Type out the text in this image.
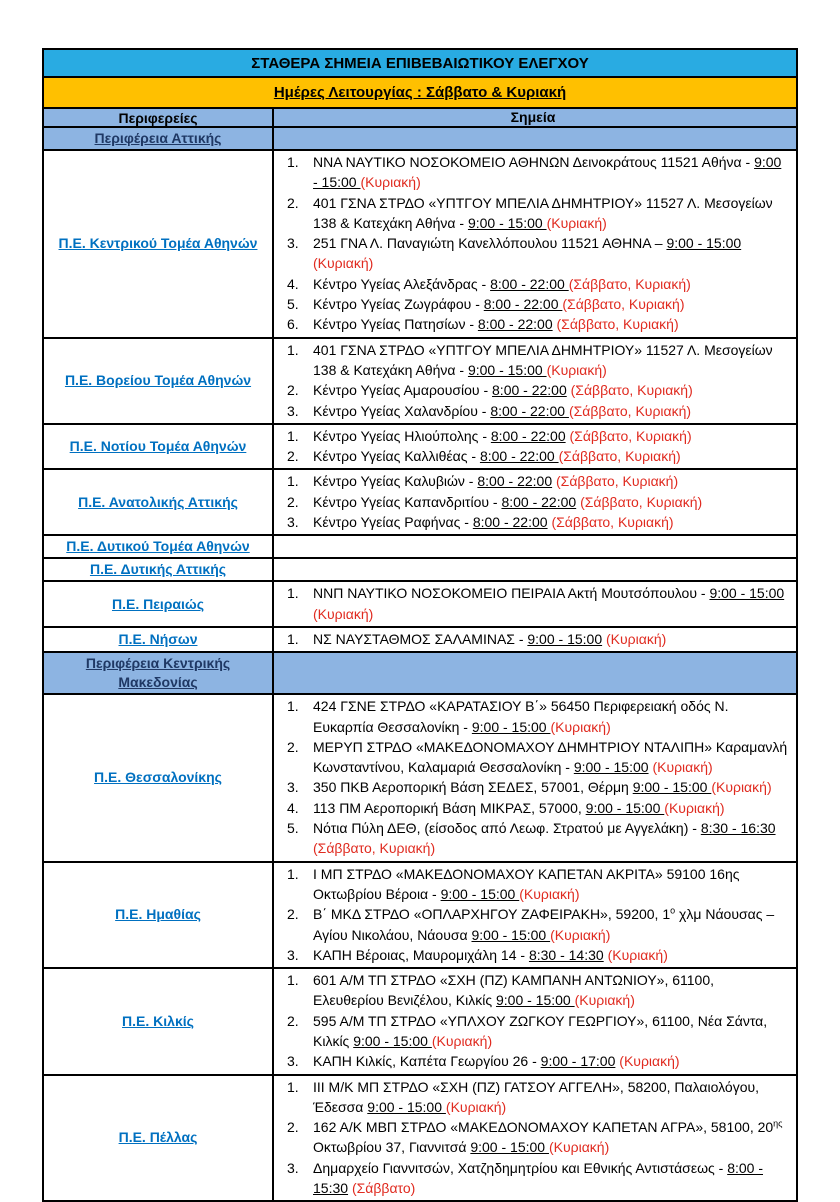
ΣΤΑΘΕΡΑ ΣΗΜΕΙΑ ΕΠΙΒΕΒΑΙΩΤΙΚΟΥ ΕΛΕΓΧΟΥ
Ημέρες Λειτουργίας : Σάββατο & Κυριακή
Περιφερείες	Σημεία
Περιφέρεια Αττικής
Π.Ε. Κεντρικού Τομέα Αθηνών
1.	ΝΝΑ ΝΑΥΤΙΚΟ ΝΟΣΟΚΟΜΕΙΟ ΑΘΗΝΩΝ Δεινοκράτους 11521 Αθήνα - 9:00 - 15:00 (Κυριακή)
2.	401 ΓΣΝΑ ΣΤΡΔΟ «ΥΠΤΓΟΥ ΜΠΕΛΙΑ ΔΗΜΗΤΡΙΟΥ» 11527 Λ. Μεσογείων 138 & Κατεχάκη Αθήνα - 9:00 - 15:00 (Κυριακή)
3.	251 ΓΝΑ Λ. Παναγιώτη Κανελλόπουλου 11521 ΑΘΗΝΑ – 9:00 - 15:00 (Κυριακή)
4.	Κέντρο Υγείας Αλεξάνδρας - 8:00 - 22:00 (Σάββατο, Κυριακή)
5.	Κέντρο Υγείας Ζωγράφου - 8:00 - 22:00 (Σάββατο, Κυριακή)
6.	Κέντρο Υγείας Πατησίων - 8:00 - 22:00 (Σάββατο, Κυριακή)
Π.Ε. Βορείου Τομέα Αθηνών
1.	401 ΓΣΝΑ ΣΤΡΔΟ «ΥΠΤΓΟΥ ΜΠΕΛΙΑ ΔΗΜΗΤΡΙΟΥ» 11527 Λ. Μεσογείων 138 & Κατεχάκη Αθήνα - 9:00 - 15:00 (Κυριακή)
2.	Κέντρο Υγείας Αμαρουσίου - 8:00 - 22:00 (Σάββατο, Κυριακή)
3.	Κέντρο Υγείας Χαλανδρίου - 8:00 - 22:00 (Σάββατο, Κυριακή)
Π.Ε. Νοτίου Τομέα Αθηνών
1.	Κέντρο Υγείας Ηλιούπολης - 8:00 - 22:00 (Σάββατο, Κυριακή)
2.	Κέντρο Υγείας Καλλιθέας - 8:00 - 22:00 (Σάββατο, Κυριακή)
Π.Ε. Ανατολικής Αττικής
1.	Κέντρο Υγείας Καλυβιών - 8:00 - 22:00 (Σάββατο, Κυριακή)
2.	Κέντρο Υγείας Καπανδριτίου - 8:00 - 22:00 (Σάββατο, Κυριακή)
3.	Κέντρο Υγείας Ραφήνας - 8:00 - 22:00 (Σάββατο, Κυριακή)
Π.Ε. Δυτικού Τομέα Αθηνών
Π.Ε. Δυτικής Αττικής
Π.Ε. Πειραιώς
1.	ΝΝΠ ΝΑΥΤΙΚΟ ΝΟΣΟΚΟΜΕΙΟ ΠΕΙΡΑΙΑ Ακτή Μουτσόπουλου - 9:00 - 15:00 (Κυριακή)
Π.Ε. Νήσων	1.	ΝΣ ΝΑΥΣΤΑΘΜΟΣ ΣΑΛΑΜΙΝΑΣ - 9:00 - 15:00 (Κυριακή)
Περιφέρεια Κεντρικής Μακεδονίας
Π.Ε. Θεσσαλονίκης
1.	424 ΓΣΝΕ ΣΤΡΔΟ «ΚΑΡΑΤΑΣΙΟΥ Β΄» 56450 Περιφερειακή οδός Ν. Ευκαρπία Θεσσαλονίκη - 9:00 - 15:00 (Κυριακή)
2.	ΜΕΡΥΠ ΣΤΡΔΟ «ΜΑΚΕΔΟΝΟΜΑΧΟΥ ΔΗΜΗΤΡΙΟΥ ΝΤΑΛΙΠΗ» Καραμανλή Κωνσταντίνου, Καλαμαριά Θεσσαλονίκη - 9:00 - 15:00 (Κυριακή)
3.	350 ΠΚΒ Αεροπορική Βάση ΣΕΔΕΣ, 57001, Θέρμη 9:00 - 15:00 (Κυριακή)
4.	113 ΠΜ Αεροπορική Βάση ΜΙΚΡΑΣ, 57000, 9:00 - 15:00 (Κυριακή)
5.	Νότια Πύλη ΔΕΘ, (είσοδος από Λεωφ. Στρατού με Αγγελάκη) - 8:30 - 16:30 (Σάββατο, Κυριακή)
Π.Ε. Ημαθίας
1.	Ι ΜΠ ΣΤΡΔΟ «ΜΑΚΕΔΟΝΟΜΑΧΟΥ ΚΑΠΕΤΑΝ ΑΚΡΙΤΑ» 59100 16ης Οκτωβρίου Βέροια - 9:00 - 15:00 (Κυριακή)
2.	Β΄ ΜΚΔ ΣΤΡΔΟ «ΟΠΛΑΡΧΗΓΟΥ ΖΑΦΕΙΡΑΚΗ», 59200, $1^o$ χλμ Νάουσας – Αγίου Νικολάου, Νάουσα 9:00 - 15:00 (Κυριακή)
3.	ΚΑΠΗ Βέροιας, Μαυρομιχάλη 14 - 8:30 - 14:30 (Κυριακή)
Π.Ε. Κιλκίς
1.	601 Α/Μ ΤΠ ΣΤΡΔΟ «ΣΧΗ (ΠΖ) ΚΑΜΠΑΝΗ ΑΝΤΩΝΙΟΥ», 61100, Ελευθερίου Βενιζέλου, Κιλκίς 9:00 - 15:00 (Κυριακή)
2.	595 Α/Μ ΤΠ ΣΤΡΔΟ «ΥΠΛΧΟΥ ΖΩΓΚΟΥ ΓΕΩΡΓΙΟΥ», 61100, Νέα Σάντα, Κιλκίς 9:00 - 15:00 (Κυριακή)
3.	ΚΑΠΗ Κιλκίς, Καπέτα Γεωργίου 26 - 9:00 - 17:00 (Κυριακή)
Π.Ε. Πέλλας
1.	ΙΙΙ Μ/Κ ΜΠ ΣΤΡΔΟ «ΣΧΗ (ΠΖ) ΓΑΤΣΟΥ ΑΓΓΕΛΗ», 58200, Παλαιολόγου, Έδεσσα 9:00 - 15:00 (Κυριακή)
2.	162 Α/Κ ΜΒΠ ΣΤΡΔΟ «ΜΑΚΕΔΟΝΟΜΑΧΟΥ ΚΑΠΕΤΑΝ ΑΓΡΑ», 58100, $20^{\eta\varsigma}$ Οκτωβρίου 37, Γιαννιτσά 9:00 - 15:00 (Κυριακή)
3.	Δημαρχείο Γιαννιτσών, Χατζηδημητρίου και Εθνικής Αντιστάσεως - 8:00 - 15:30 (Σάββατο)
